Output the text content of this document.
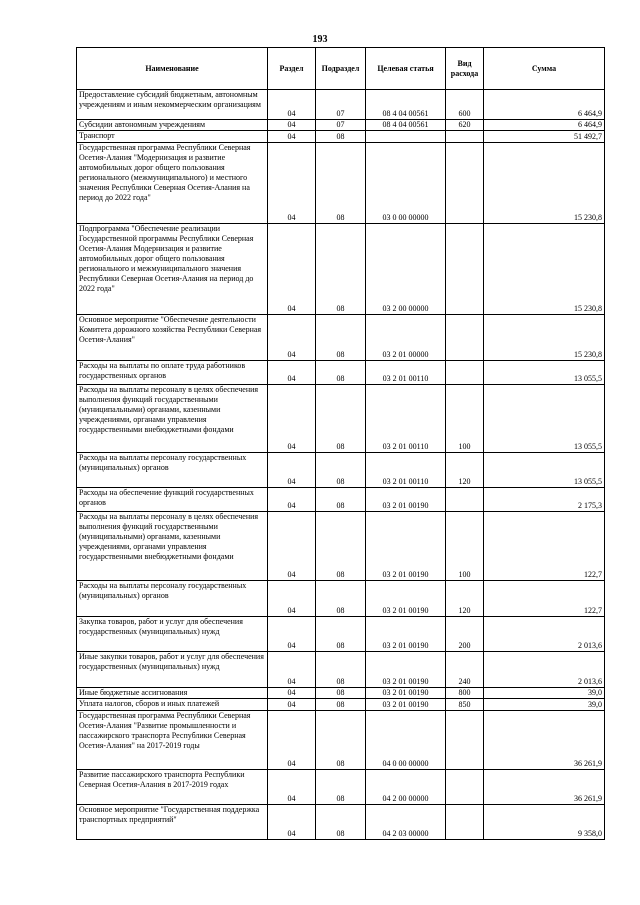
193
Наименование	Раздел	Подраздел	Целевая статья	Вид расхода	Сумма
Предоставление субсидий бюджетным, автономным учреждениям и иным некоммерческим организациям	04	07	08 4 04 00561	600	6 464,9
Субсидии автономным учреждениям	04	07	08 4 04 00561	620	6 464,9
Транспорт	04	08			51 492,7
Государственная программа Республики Северная Осетия-Алания "Модернизация и развитие автомобильных дорог общего пользования регионального (межмуниципального) и местного значения Республики Северная Осетия-Алания на период до 2022 года"	04	08	03 0 00 00000		15 230,8
Подпрограмма "Обеспечение реализации Государственной программы Республики Северная Осетия-Алания Модернизация и развитие автомобильных дорог общего пользования регионального и межмуниципального значения Республики Северная Осетия-Алания на период до 2022 года"	04	08	03 2 00 00000		15 230,8
Основное мероприятие "Обеспечение деятельности Комитета дорожного хозяйства Республики Северная Осетия-Алания"	04	08	03 2 01 00000		15 230,8
Расходы на выплаты по оплате труда работников государственных органов	04	08	03 2 01 00110		13 055,5
Расходы на выплаты персоналу в целях обеспечения выполнения функций государственными (муниципальными) органами, казенными учреждениями, органами управления государственными внебюджетными фондами	04	08	03 2 01 00110	100	13 055,5
Расходы на выплаты персоналу государственных (муниципальных) органов	04	08	03 2 01 00110	120	13 055,5
Расходы на обеспечение функций государственных органов	04	08	03 2 01 00190		2 175,3
Расходы на выплаты персоналу в целях обеспечения выполнения функций государственными (муниципальными) органами, казенными учреждениями, органами управления государственными внебюджетными фондами	04	08	03 2 01 00190	100	122,7
Расходы на выплаты персоналу государственных (муниципальных) органов	04	08	03 2 01 00190	120	122,7
Закупка товаров, работ и услуг для обеспечения государственных (муниципальных) нужд	04	08	03 2 01 00190	200	2 013,6
Иные закупки товаров, работ и услуг для обеспечения государственных (муниципальных) нужд	04	08	03 2 01 00190	240	2 013,6
Иные бюджетные ассигнования	04	08	03 2 01 00190	800	39,0
Уплата налогов, сборов и иных платежей	04	08	03 2 01 00190	850	39,0
Государственная программа Республики Северная Осетия-Алания "Развитие промышленности и пассажирского транспорта Республики Северная Осетия-Алания" на 2017-2019 годы	04	08	04 0 00 00000		36 261,9
Развитие пассажирского транспорта Республики Северная Осетия-Алания в 2017-2019 годах	04	08	04 2 00 00000		36 261,9
Основное мероприятие "Государственная поддержка транспортных предприятий"	04	08	04 2 03 00000		9 358,0
